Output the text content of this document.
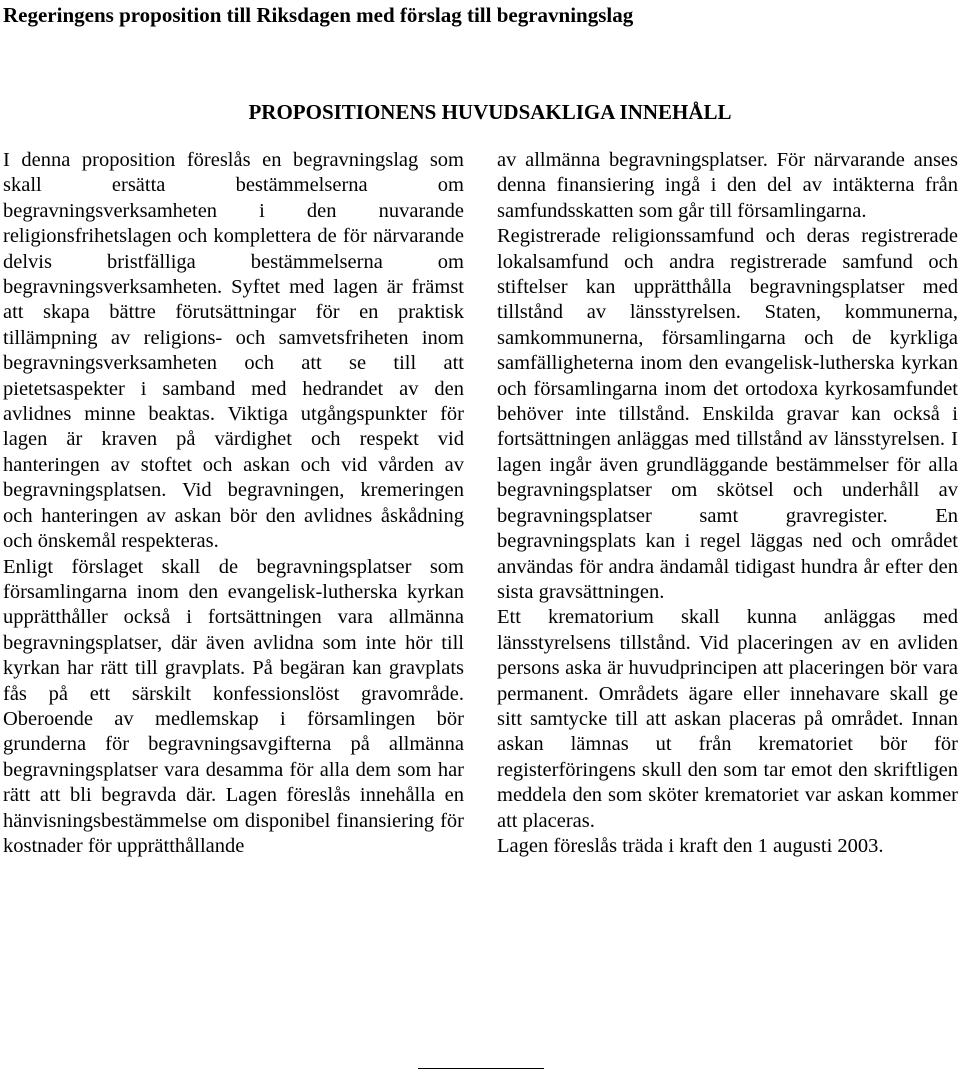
Regeringens proposition till Riksdagen med förslag till begravningslag
PROPOSITIONENS HUVUDSAKLIGA INNEHÅLL

I denna proposition föreslås en begravningslag som skall ersätta bestämmelserna om begravningsverksamheten i den nuvarande religionsfrihetslagen och komplettera de för närvarande delvis bristfälliga bestämmelserna om begravningsverksamheten. Syftet med lagen är främst att skapa bättre förutsättningar för en praktisk tillämpning av religions- och samvetsfriheten inom begravningsverksamheten och att se till att pietetsaspekter i samband med hedrandet av den avlidnes minne beaktas. Viktiga utgångspunkter för lagen är kraven på värdighet och respekt vid hanteringen av stoftet och askan och vid vården av begravningsplatsen. Vid begravningen, kremeringen och hanteringen av askan bör den avlidnes åskådning och önskemål respekteras.

Enligt förslaget skall de begravningsplatser som församlingarna inom den evangelisk-lutherska kyrkan upprätthåller också i fortsättningen vara allmänna begravningsplatser, där även avlidna som inte hör till kyrkan har rätt till gravplats. På begäran kan gravplats fås på ett särskilt konfessionslöst gravområde. Oberoende av medlemskap i församlingen bör grunderna för begravningsavgifterna på allmänna begravningsplatser vara desamma för alla dem som har rätt att bli begravda där. Lagen föreslås innehålla en hänvisningsbestämmelse om disponibel finansiering för kostnader för upprätthållande

av allmänna begravningsplatser. För närvarande anses denna finansiering ingå i den del av intäkterna från samfundsskatten som går till församlingarna.

Registrerade religionssamfund och deras registrerade lokalsamfund och andra registrerade samfund och stiftelser kan upprätthålla begravningsplatser med tillstånd av länsstyrelsen. Staten, kommunerna, samkommunerna, församlingarna och de kyrkliga samfälligheterna inom den evangelisk-lutherska kyrkan och församlingarna inom det ortodoxa kyrkosamfundet behöver inte tillstånd. Enskilda gravar kan också i fortsättningen anläggas med tillstånd av länsstyrelsen. I lagen ingår även grundläggande bestämmelser för alla begravningsplatser om skötsel och underhåll av begravningsplatser samt gravregister. En begravningsplats kan i regel läggas ned och området användas för andra ändamål tidigast hundra år efter den sista gravsättningen.

Ett krematorium skall kunna anläggas med länsstyrelsens tillstånd. Vid placeringen av en avliden persons aska är huvudprincipen att placeringen bör vara permanent. Områdets ägare eller innehavare skall ge sitt samtycke till att askan placeras på området. Innan askan lämnas ut från krematoriet bör för registerföringens skull den som tar emot den skriftligen meddela den som sköter krematoriet var askan kommer att placeras.

Lagen föreslås träda i kraft den 1 augusti 2003.
